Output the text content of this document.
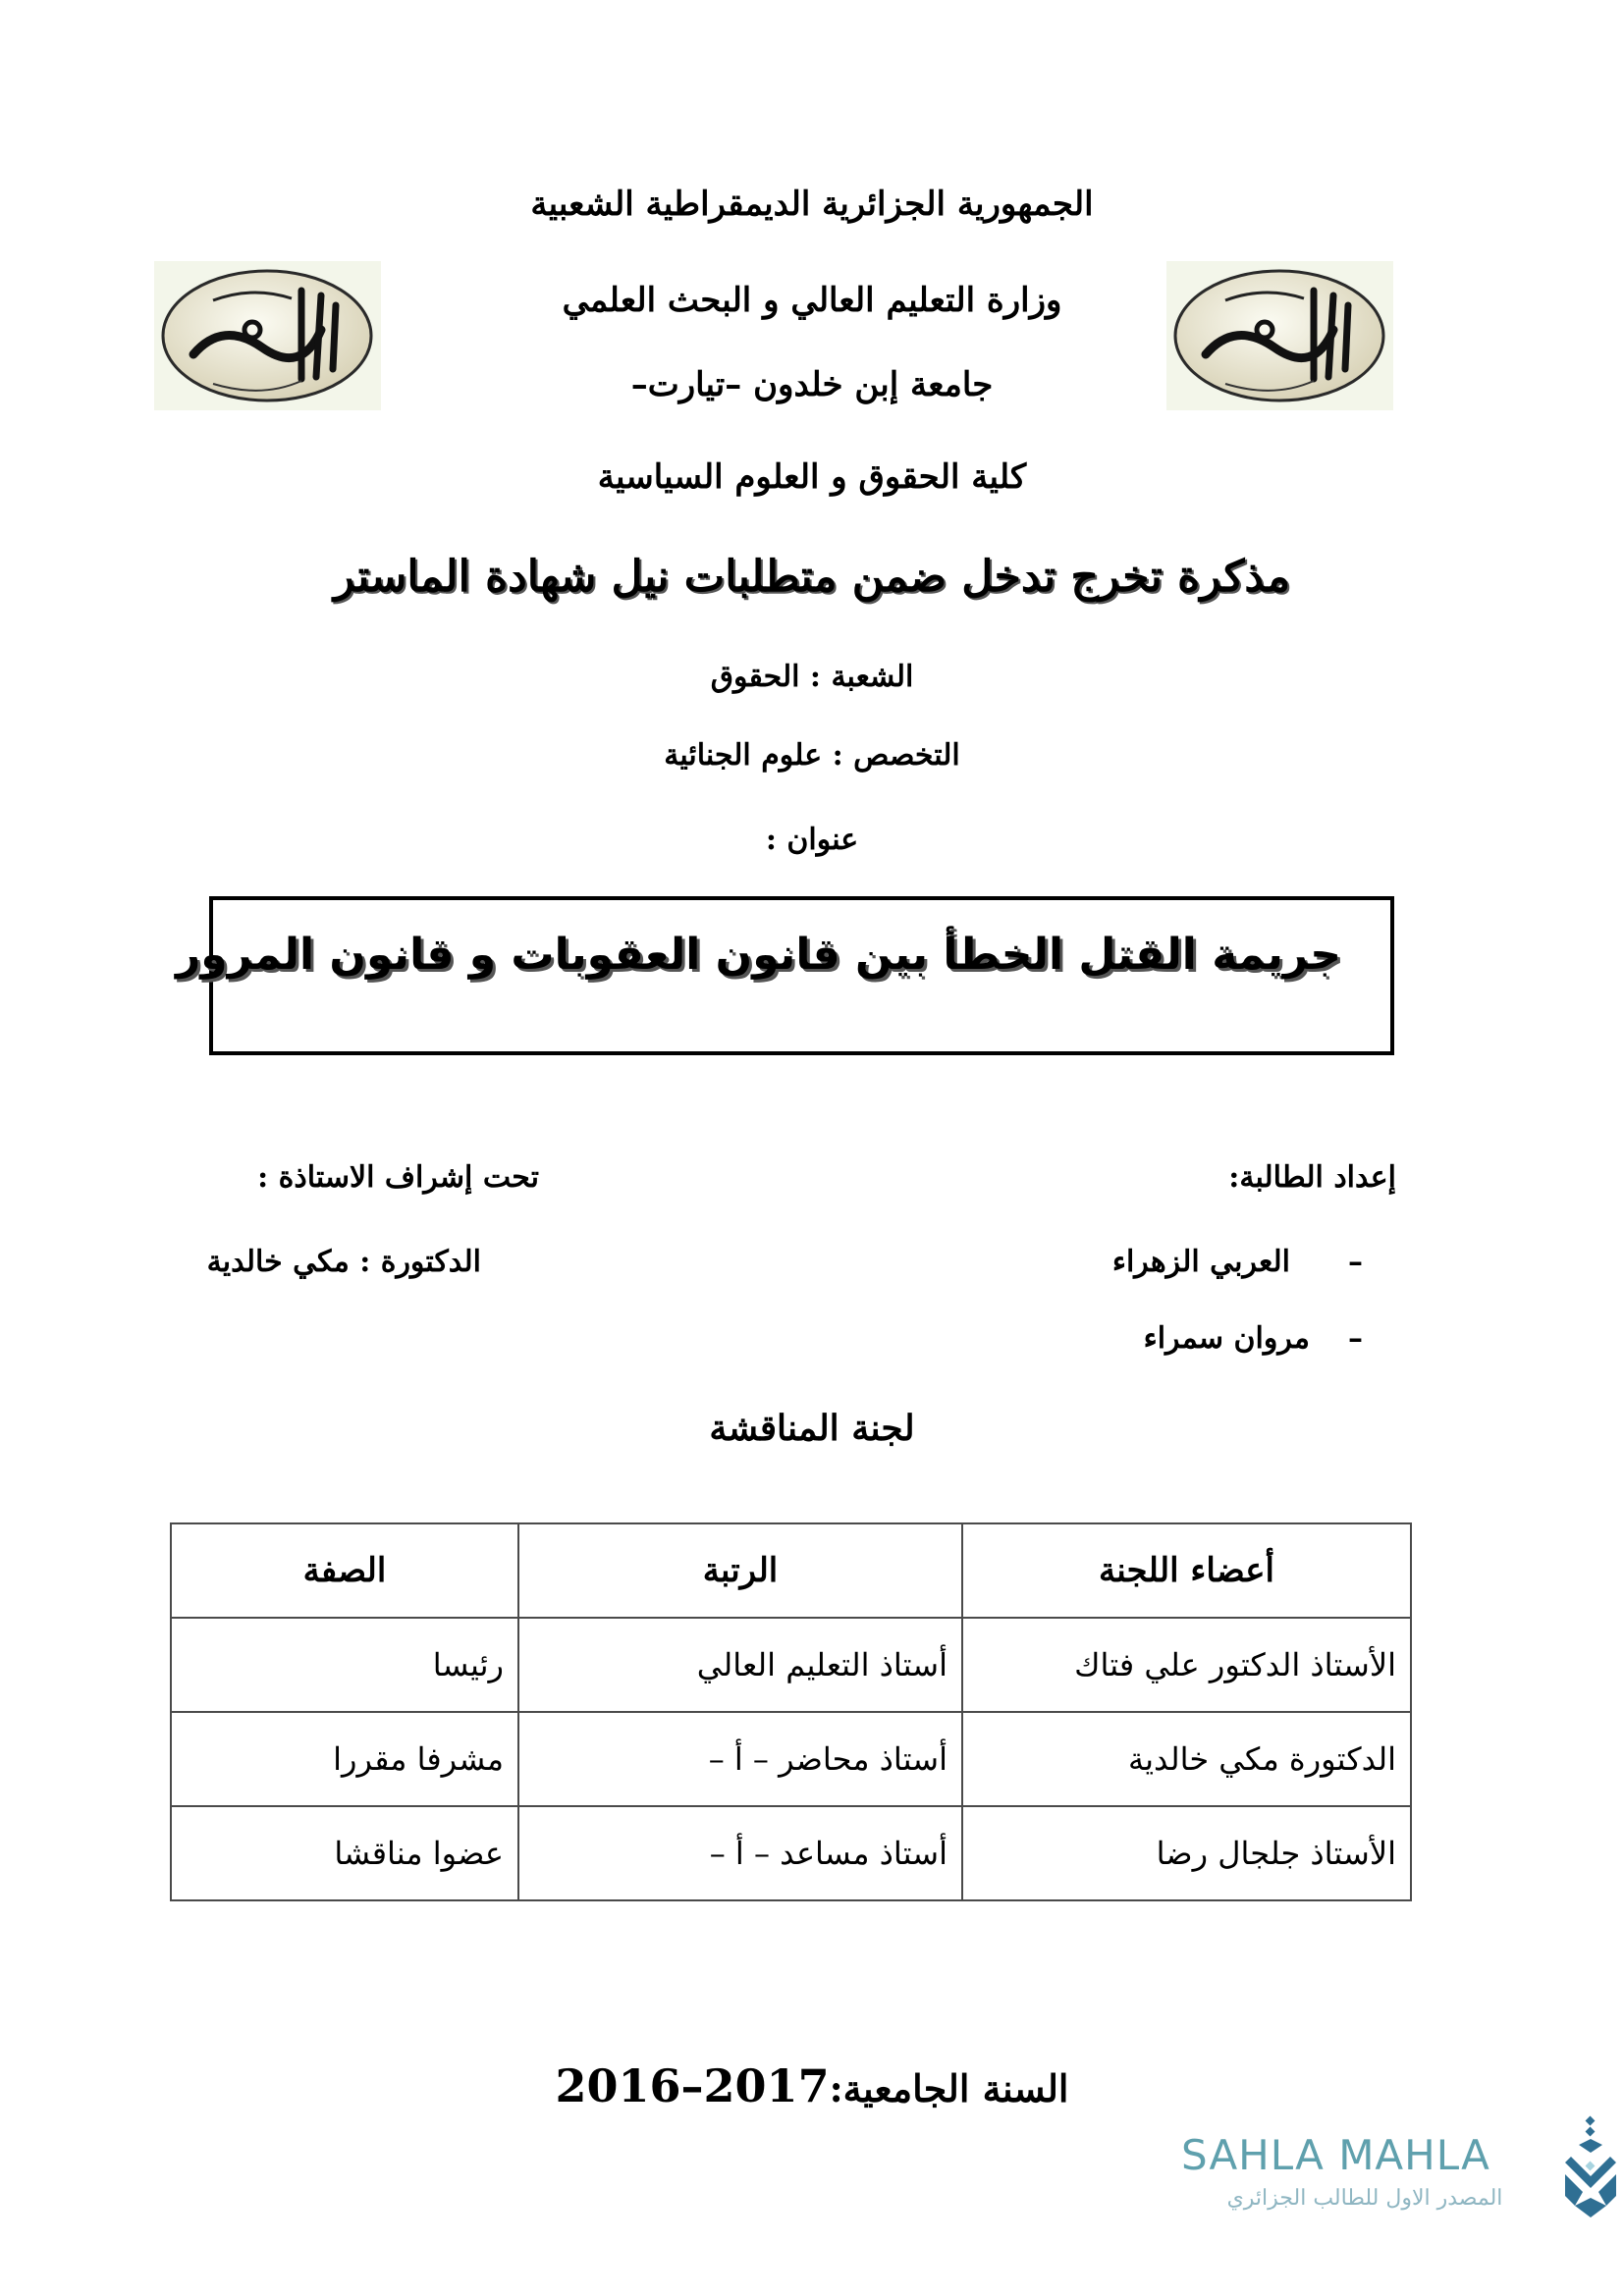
الجمهورية الجزائرية الديمقراطية الشعبية
وزارة التعليم العالي و البحث العلمي
جامعة إبن خلدون –تيارت–
كلية الحقوق و العلوم السياسية
مذكرة تخرج تدخل ضمن متطلبات نيل شهادة الماستر
الشعبة : الحقوق
التخصص : علوم الجنائية
عنوان :
جريمة القتل الخطأ بين قانون العقوبات و قانون المرور
إعداد الطالبة:
تحت إشراف الاستاذة :
–
العربي الزهراء
الدكتورة : مكي خالدية
–
مروان سمراء
لجنة المناقشة
أعضاء اللجنة	الرتبة	الصفة
الأستاذ الدكتور علي فتاك	أستاذ التعليم العالي	رئيسا
الدكتورة مكي خالدية	أستاذ محاضر – أ –	مشرفا مقررا
الأستاذ جلجال رضا	أستاذ مساعد – أ –	عضوا مناقشا
السنة الجامعية:2016–2017
SAHLA MAHLA
المصدر الاول للطالب الجزائري
